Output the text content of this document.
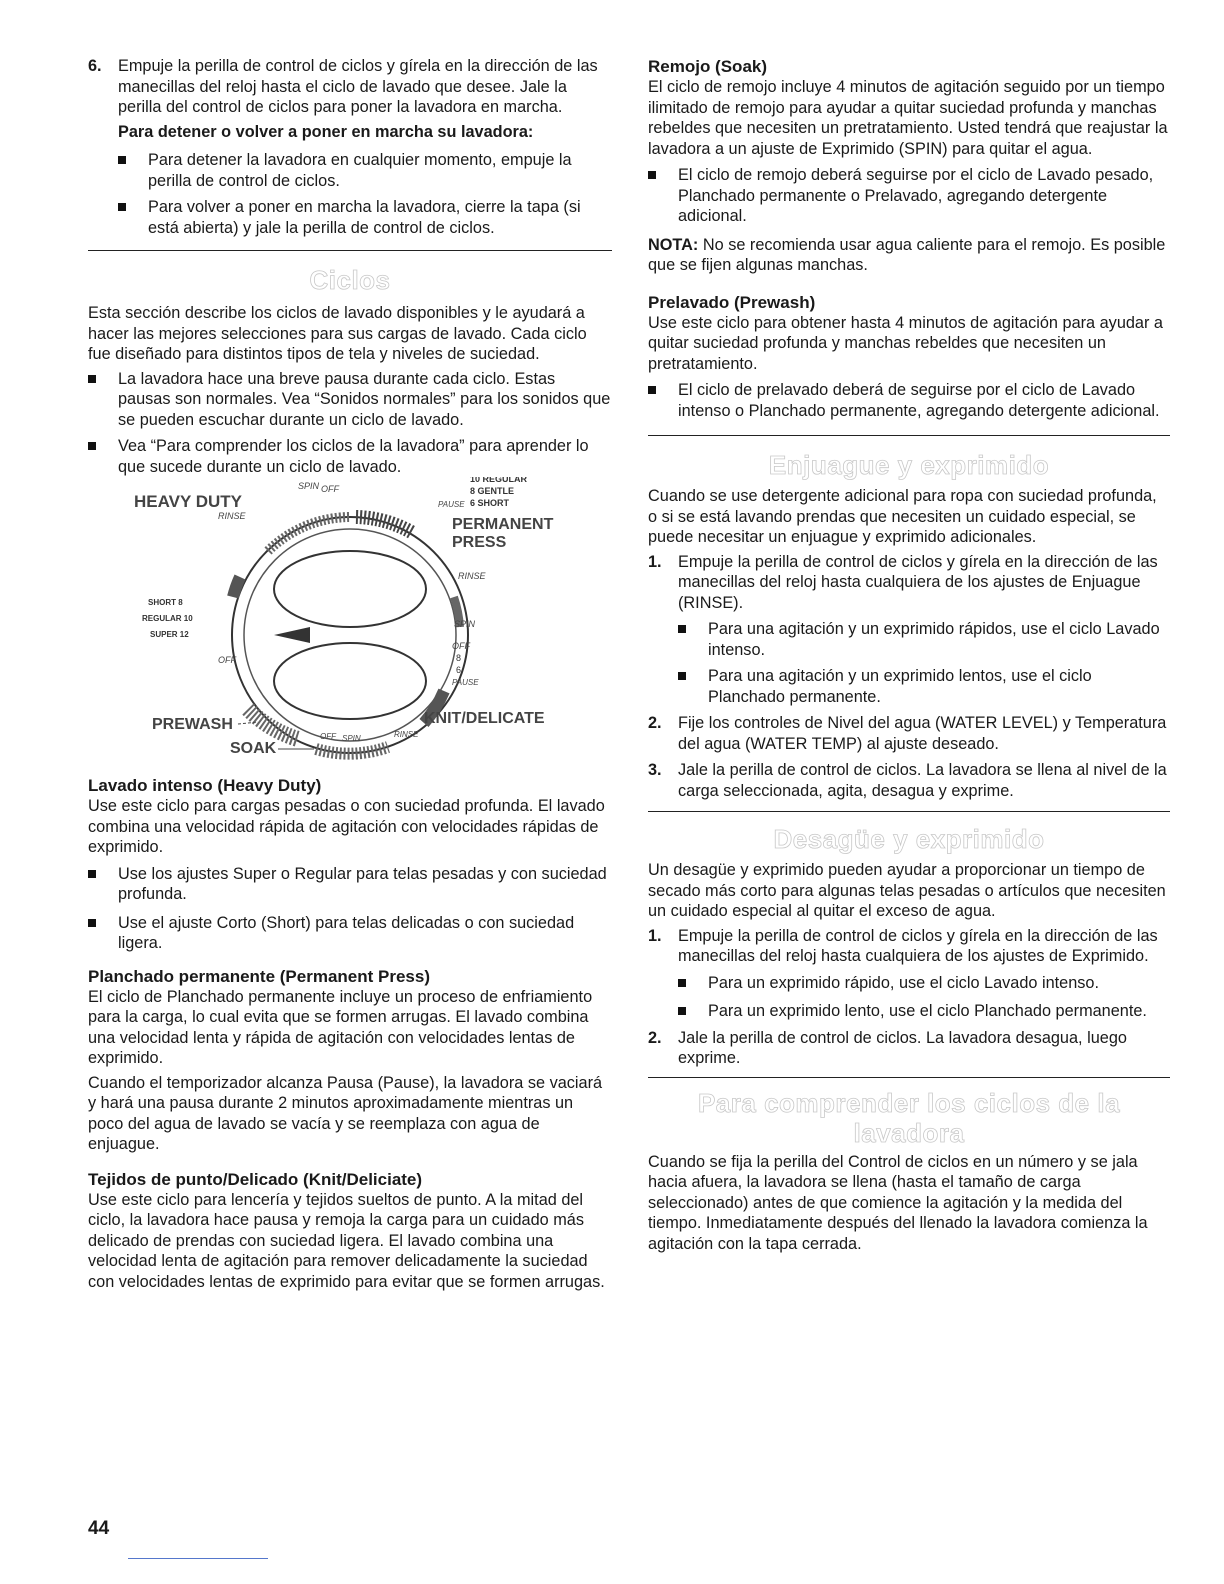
6. Empuje la perilla de control de ciclos y gírela en la dirección de las manecillas del reloj hasta el ciclo de lavado que desee. Jale la perilla del control de ciclos para poner la lavadora en marcha.
Para detener o volver a poner en marcha su lavadora:
Para detener la lavadora en cualquier momento, empuje la perilla de control de ciclos.
Para volver a poner en marcha la lavadora, cierre la tapa (si está abierta) y jale la perilla de control de ciclos.
Ciclos

Esta sección describe los ciclos de lavado disponibles y le ayudará a hacer las mejores selecciones para sus cargas de lavado. Cada ciclo fue diseñado para distintos tipos de tela y niveles de suciedad.

La lavadora hace una breve pausa durante cada ciclo. Estas pausas son normales. Vea “Sonidos normales” para los sonidos que se pueden escuchar durante un ciclo de lavado.
Vea “Para comprender los ciclos de la lavadora” para aprender lo que sucede durante un ciclo de lavado.
HEAVY DUTY
SPIN OFF
10 REGULAR
8 GENTLE
6 SHORT
PAUSE
RINSE	PERMANENT
PRESS
RINSE
SHORT 8
REGULAR 10
SUPER 12
SPIN
OFF
OFF
8
6
PAUSE
KNIT/DELICATE
PREWASH
SOAK
OFF SPIN	RINSE
Lavado intenso (Heavy Duty)

Use este ciclo para cargas pesadas o con suciedad profunda. El lavado combina una velocidad rápida de agitación con velocidades rápidas de exprimido.

Use los ajustes Super o Regular para telas pesadas y con suciedad profunda.
Use el ajuste Corto (Short) para telas delicadas o con suciedad ligera.
Planchado permanente (Permanent Press)

El ciclo de Planchado permanente incluye un proceso de enfriamiento para la carga, lo cual evita que se formen arrugas. El lavado combina una velocidad lenta y rápida de agitación con velocidades lentas de exprimido.

Cuando el temporizador alcanza Pausa (Pause), la lavadora se vaciará y hará una pausa durante 2 minutos aproximadamente mientras un poco del agua de lavado se vacía y se reemplaza con agua de enjuague.

Tejidos de punto/Delicado (Knit/Deliciate)

Use este ciclo para lencería y tejidos sueltos de punto. A la mitad del ciclo, la lavadora hace pausa y remoja la carga para un cuidado más delicado de prendas con suciedad ligera. El lavado combina una velocidad lenta de agitación para remover delicadamente la suciedad con velocidades lentas de exprimido para evitar que se formen arrugas.

Remojo (Soak)

El ciclo de remojo incluye 4 minutos de agitación seguido por un tiempo ilimitado de remojo para ayudar a quitar suciedad profunda y manchas rebeldes que necesiten un pretratamiento. Usted tendrá que reajustar la lavadora a un ajuste de Exprimido (SPIN) para quitar el agua.

El ciclo de remojo deberá seguirse por el ciclo de Lavado pesado, Planchado permanente o Prelavado, agregando detergente adicional.

NOTA: No se recomienda usar agua caliente para el remojo. Es posible que se fijen algunas manchas.

Prelavado (Prewash)

Use este ciclo para obtener hasta 4 minutos de agitación para ayudar a quitar suciedad profunda y manchas rebeldes que necesiten un pretratamiento.

El ciclo de prelavado deberá de seguirse por el ciclo de Lavado intenso o Planchado permanente, agregando detergente adicional.
Enjuague y exprimido

Cuando se use detergente adicional para ropa con suciedad profunda, o si se está lavando prendas que necesiten un cuidado especial, se puede necesitar un enjuague y exprimido adicionales.

1. Empuje la perilla de control de ciclos y gírela en la dirección de las manecillas del reloj hasta cualquiera de los ajustes de Enjuague (RINSE).
Para una agitación y un exprimido rápidos, use el ciclo Lavado intenso.
Para una agitación y un exprimido lentos, use el ciclo Planchado permanente.
2. Fije los controles de Nivel del agua (WATER LEVEL) y Temperatura del agua (WATER TEMP) al ajuste deseado.
3. Jale la perilla de control de ciclos. La lavadora se llena al nivel de la carga seleccionada, agita, desagua y exprime.
Desagüe y exprimido

Un desagüe y exprimido pueden ayudar a proporcionar un tiempo de secado más corto para algunas telas pesadas o artículos que necesiten un cuidado especial al quitar el exceso de agua.

1. Empuje la perilla de control de ciclos y gírela en la dirección de las manecillas del reloj hasta cualquiera de los ajustes de Exprimido.
Para un exprimido rápido, use el ciclo Lavado intenso.
Para un exprimido lento, use el ciclo Planchado permanente.
2. Jale la perilla de control de ciclos. La lavadora desagua, luego exprime.
Para comprender los ciclos de la lavadora

Cuando se fija la perilla del Control de ciclos en un número y se jala hacia afuera, la lavadora se llena (hasta el tamaño de carga seleccionado) antes de que comience la agitación y la medida del tiempo. Inmediatamente después del llenado la lavadora comienza la agitación con la tapa cerrada.

44
